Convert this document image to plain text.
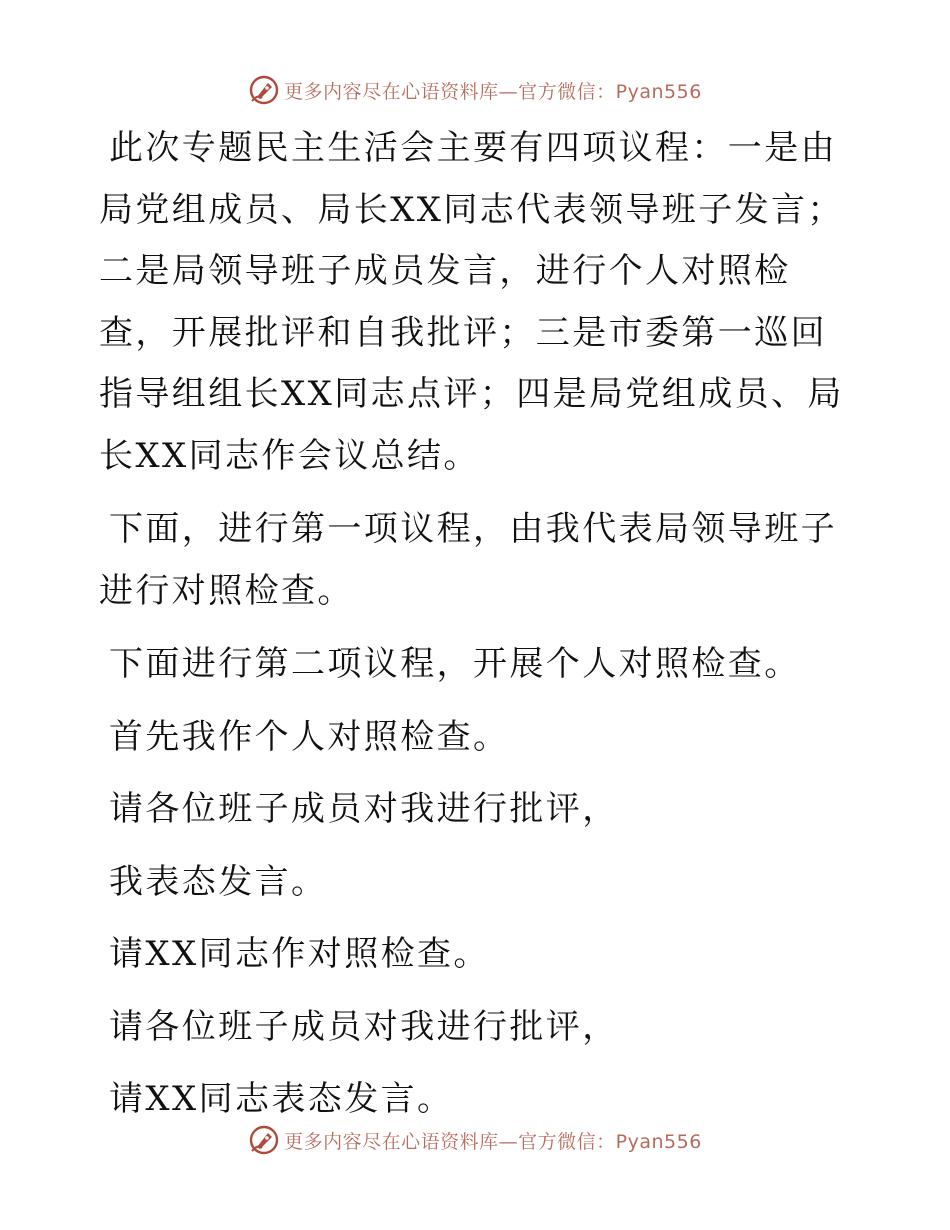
更多内容尽在心语资料库—官方微信：Pyan556

此次专题民主生活会主要有四项议程：一是由局党组成员、局长XX同志代表领导班子发言；二是局领导班子成员发言，进行个人对照检查，开展批评和自我批评；三是市委第一巡回指导组组长XX同志点评；四是局党组成员、局长XX同志作会议总结。

下面，进行第一项议程，由我代表局领导班子进行对照检查。

下面进行第二项议程，开展个人对照检查。

首先我作个人对照检查。

请各位班子成员对我进行批评，

我表态发言。

请XX同志作对照检查。

请各位班子成员对我进行批评，

请XX同志表态发言。

更多内容尽在心语资料库—官方微信：Pyan556
